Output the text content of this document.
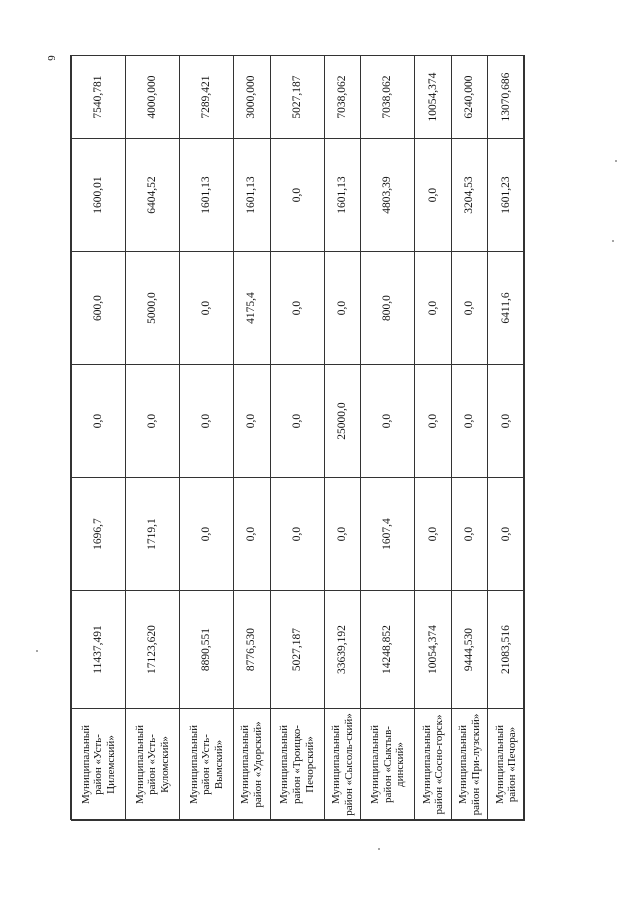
6
Муниципальный район «Усть-Цилемский»	11437,491	1696,7	0,0	600,0	1600,01	7540,781
Муниципальный район «Усть-Куломский»	17123,620	1719,1	0,0	5000,0	6404,52	4000,000
Муниципальный район «Усть-Вымский»	8890,551	0,0	0,0	0,0	1601,13	7289,421
Муниципальный район «Удорский»	8776,530	0,0	0,0	4175,4	1601,13	3000,000
Муниципальный район «Троицко-Печорский»	5027,187	0,0	0,0	0,0	0,0	5027,187
Муниципальный район «Сысоль-ский»	33639,192	0,0	25000,0	0,0	1601,13	7038,062
Муниципальный район «Сыктыв-динский»	14248,852	1607,4	0,0	800,0	4803,39	7038,062
Муниципальный район «Сосно-горск»	10054,374	0,0	0,0	0,0	0,0	10054,374
Муниципальный район «При-лузский»	9444,530	0,0	0,0	0,0	3204,53	6240,000
Муниципальный район «Печора»	21083,516	0,0	0,0	6411,6	1601,23	13070,686
